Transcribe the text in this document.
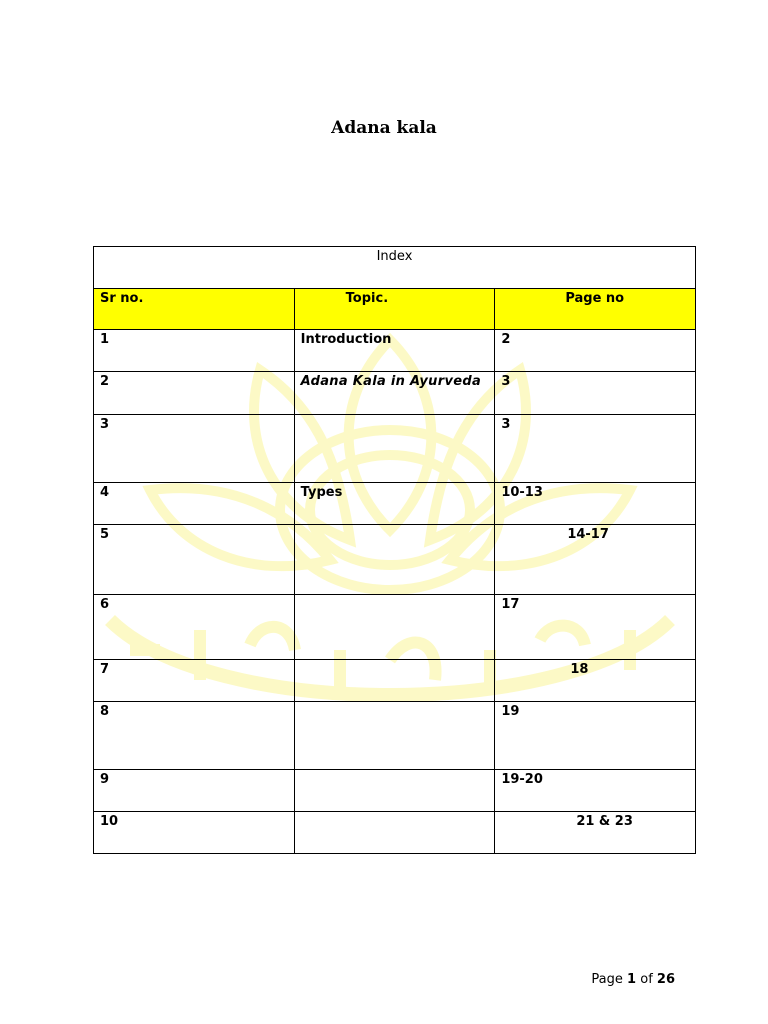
Adana kala
Index		
Sr no.	Topic.	Page no
1	Introduction	2
2	Adana Kala in Ayurveda	3
3		3
4	Types	10-13
5		14-17
6		17
7		18
8		19
9		19-20
10		21 & 23
Page 1 of 26
